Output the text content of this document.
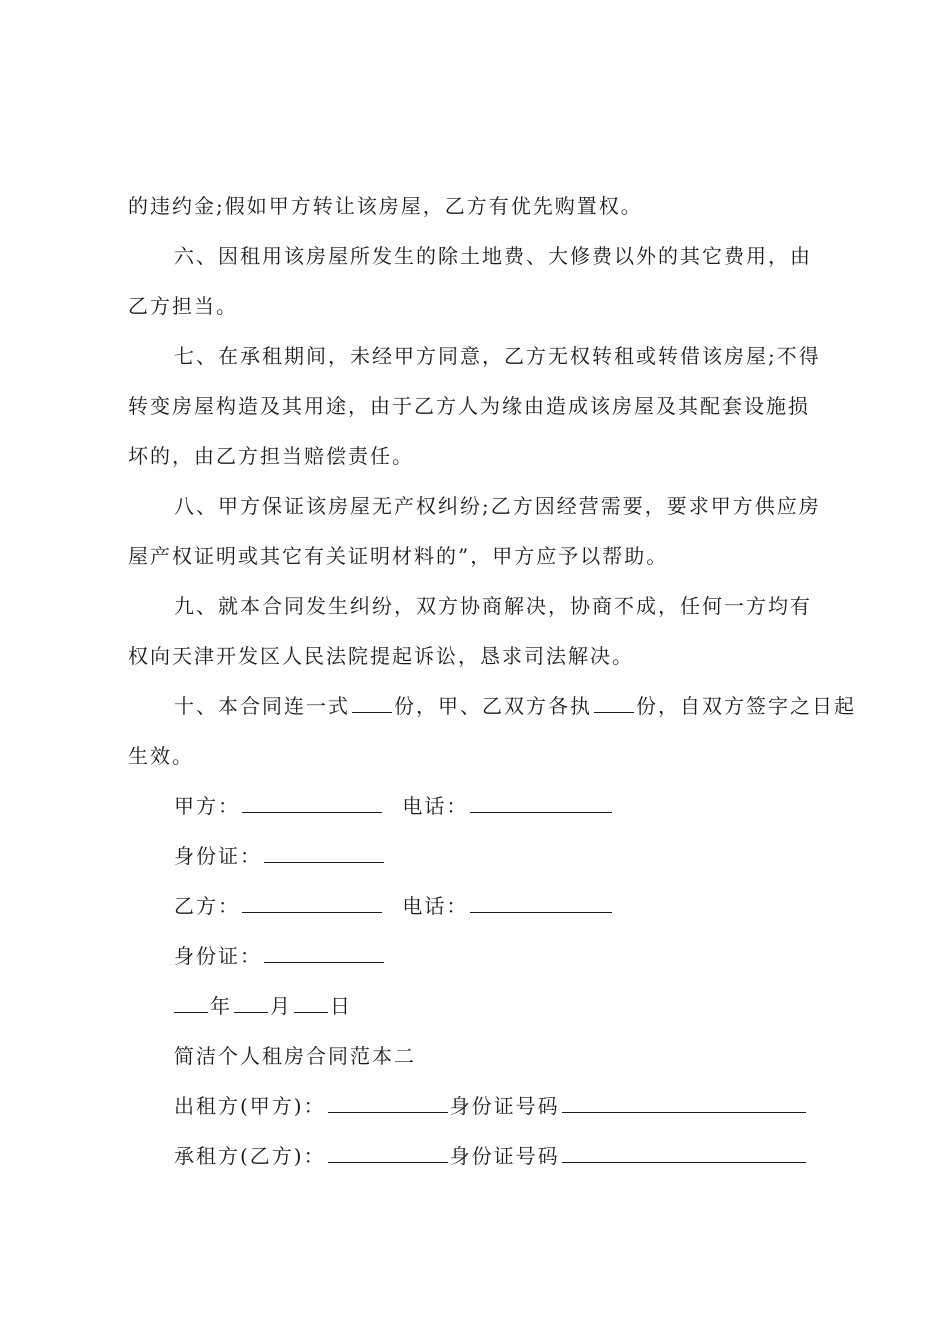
的违约金;假如甲方转让该房屋，乙方有优先购置权。
六、因租用该房屋所发生的除土地费、大修费以外的其它费用，由
乙方担当。
七、在承租期间，未经甲方同意，乙方无权转租或转借该房屋;不得
转变房屋构造及其用途，由于乙方人为缘由造成该房屋及其配套设施损
坏的，由乙方担当赔偿责任。
八、甲方保证该房屋无产权纠纷;乙方因经营需要，要求甲方供应房
屋产权证明或其它有关证明材料的”，甲方应予以帮助。
九、就本合同发生纠纷，双方协商解决，协商不成，任何一方均有
权向天津开发区人民法院提起诉讼，恳求司法解决。
十、本合同连一式 份，甲、乙双方各执 份，自双方签字之日起
生效。
甲方：	电话：
身份证：
乙方：	电话：
身份证：
年 月 日
简洁个人租房合同范本二
出租方(甲方)：	身份证号码
承租方(乙方)：	身份证号码
